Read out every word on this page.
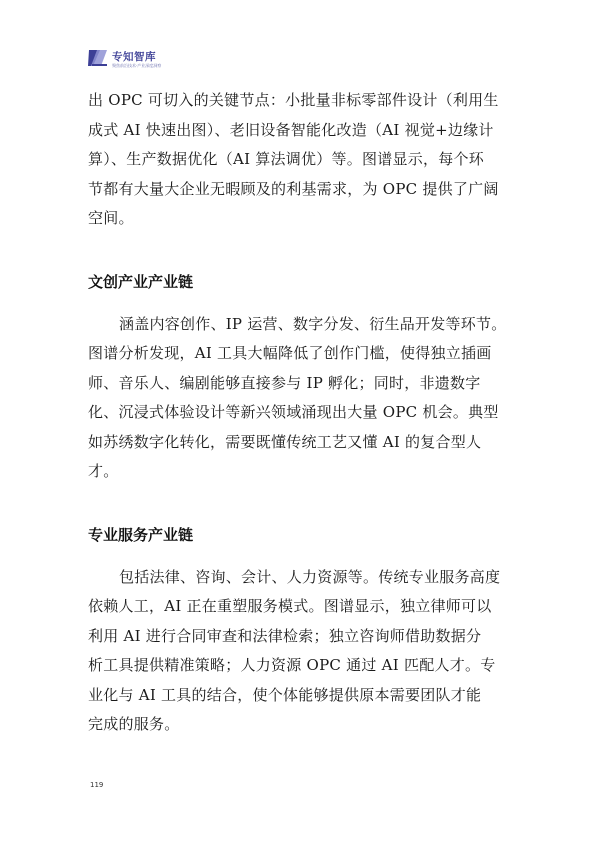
专知智库
聚焦前沿技术·产业深度洞察
出 OPC 可切入的关键节点：小批量非标零部件设计（利用生
成式 AI 快速出图）、老旧设备智能化改造（AI 视觉+边缘计
算）、生产数据优化（AI 算法调优）等。图谱显示，每个环
节都有大量大企业无暇顾及的利基需求，为 OPC 提供了广阔
空间。
文创产业产业链
涵盖内容创作、IP 运营、数字分发、衍生品开发等环节。
图谱分析发现，AI 工具大幅降低了创作门槛，使得独立插画
师、音乐人、编剧能够直接参与 IP 孵化；同时，非遗数字
化、沉浸式体验设计等新兴领域涌现出大量 OPC 机会。典型
如苏绣数字化转化，需要既懂传统工艺又懂 AI 的复合型人
才。
专业服务产业链
包括法律、咨询、会计、人力资源等。传统专业服务高度
依赖人工，AI 正在重塑服务模式。图谱显示，独立律师可以
利用 AI 进行合同审查和法律检索；独立咨询师借助数据分
析工具提供精准策略；人力资源 OPC 通过 AI 匹配人才。专
业化与 AI 工具的结合，使个体能够提供原本需要团队才能
完成的服务。
119
